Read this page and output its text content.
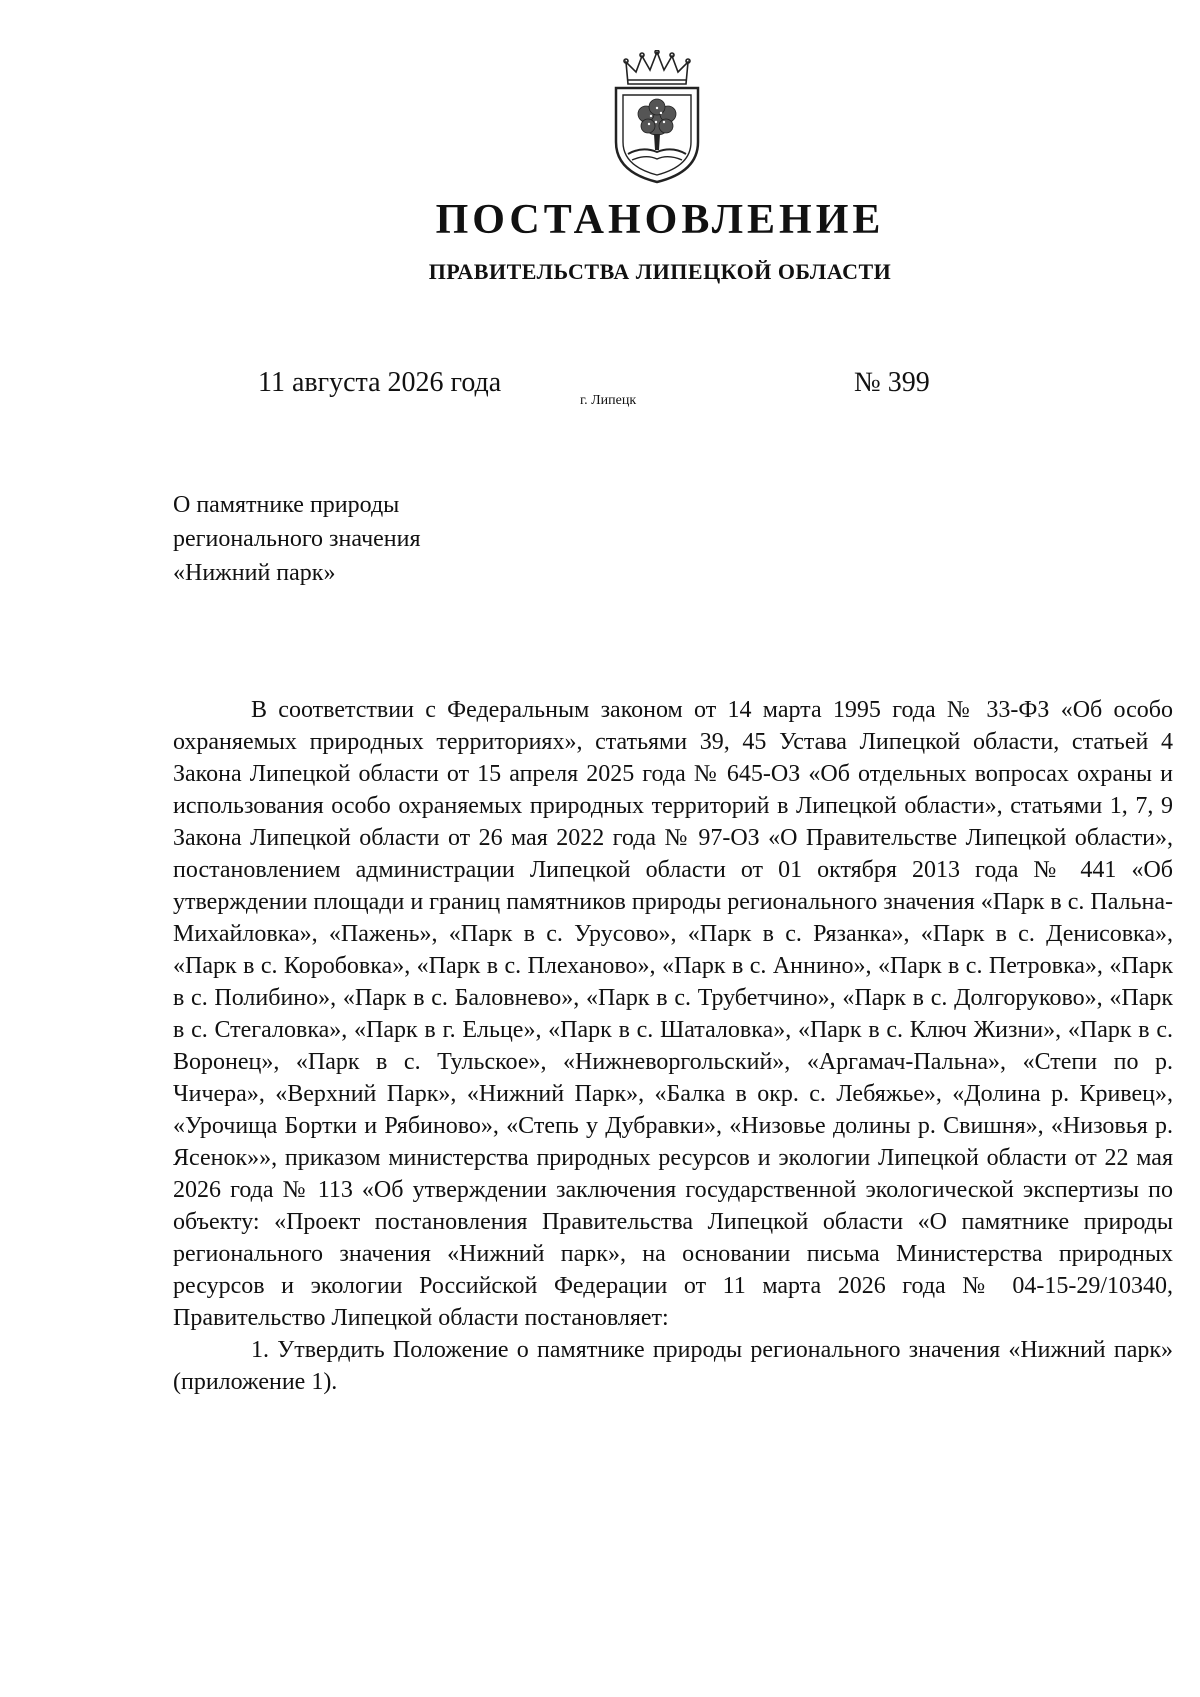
ПОСТАНОВЛЕНИЕ
ПРАВИТЕЛЬСТВА ЛИПЕЦКОЙ ОБЛАСТИ
11 августа 2026 года
г. Липецк
№ 399
О памятнике природы
регионального значения
«Нижний парк»

В соответствии с Федеральным законом от 14 марта 1995 года № 33-ФЗ «Об особо охраняемых природных территориях», статьями 39, 45 Устава Липецкой области, статьей 4 Закона Липецкой области от 15 апреля 2025 года № 645-ОЗ «Об отдельных вопросах охраны и использования особо охраняемых природных территорий в Липецкой области», статьями 1, 7, 9 Закона Липецкой области от 26 мая 2022 года № 97-ОЗ «О Правительстве Липецкой области», постановлением администрации Липецкой области от 01 октября 2013 года № 441 «Об утверждении площади и границ памятников природы регионального значения «Парк в с. Пальна-Михайловка», «Пажень», «Парк в с. Урусово», «Парк в с. Рязанка», «Парк в с. Денисовка», «Парк в с. Коробовка», «Парк в с. Плеханово», «Парк в с. Аннино», «Парк в с. Петровка», «Парк в с. Полибино», «Парк в с. Баловнево», «Парк в с. Трубетчино», «Парк в с. Долгоруково», «Парк в с. Стегаловка», «Парк в г. Ельце», «Парк в с. Шаталовка», «Парк в с. Ключ Жизни», «Парк в с. Воронец», «Парк в с. Тульское», «Нижневоргольский», «Аргамач-Пальна», «Степи по р. Чичера», «Верхний Парк», «Нижний Парк», «Балка в окр. с. Лебяжье», «Долина р. Кривец», «Урочища Бортки и Рябиново», «Степь у Дубравки», «Низовье долины р. Свишня», «Низовья р. Ясенок»», приказом министерства природных ресурсов и экологии Липецкой области от 22 мая 2026 года № 113 «Об утверждении заключения государственной экологической экспертизы по объекту: «Проект постановления Правительства Липецкой области «О памятнике природы регионального значения «Нижний парк», на основании письма Министерства природных ресурсов и экологии Российской Федерации от 11 марта 2026 года № 04-15-29/10340, Правительство Липецкой области постановляет:

1. Утвердить Положение о памятнике природы регионального значения «Нижний парк» (приложение 1).
